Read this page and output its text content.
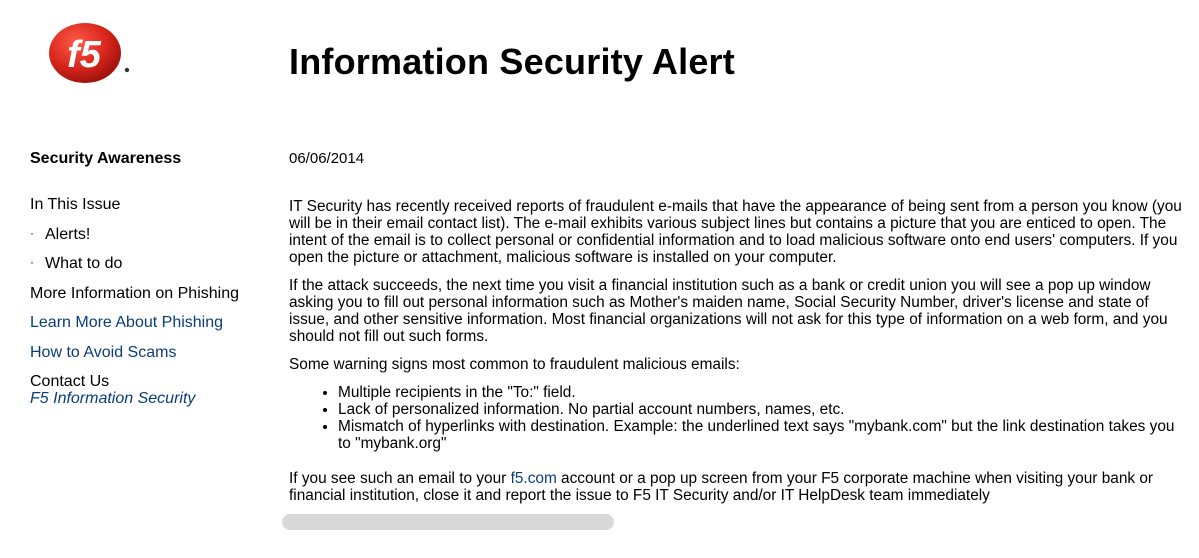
f5	Information Security Alert
Security Awareness
In This Issue
· Alerts!
· What to do
More Information on Phishing
Learn More About Phishing
How to Avoid Scams
Contact Us
F5 Information Security
06/06/2014

IT Security has recently received reports of fraudulent e-mails that have the appearance of being sent from a person you know (you will be in their email contact list). The e-mail exhibits various subject lines but contains a picture that you are enticed to open. The intent of the email is to collect personal or confidential information and to load malicious software onto end users' computers. If you open the picture or attachment, malicious software is installed on your computer.

If the attack succeeds, the next time you visit a financial institution such as a bank or credit union you will see a pop up window asking you to fill out personal information such as Mother's maiden name, Social Security Number, driver's license and state of issue, and other sensitive information. Most financial organizations will not ask for this type of information on a web form, and you should not fill out such forms.

Some warning signs most common to fraudulent malicious emails:

• Multiple recipients in the "To:" field.
• Lack of personalized information. No partial account numbers, names, etc.
• Mismatch of hyperlinks with destination. Example: the underlined text says "mybank.com" but the link destination takes you to "mybank.org"

If you see such an email to your f5.com account or a pop up screen from your F5 corporate machine when visiting your bank or financial institution, close it and report the issue to F5 IT Security and/or IT HelpDesk team immediately
